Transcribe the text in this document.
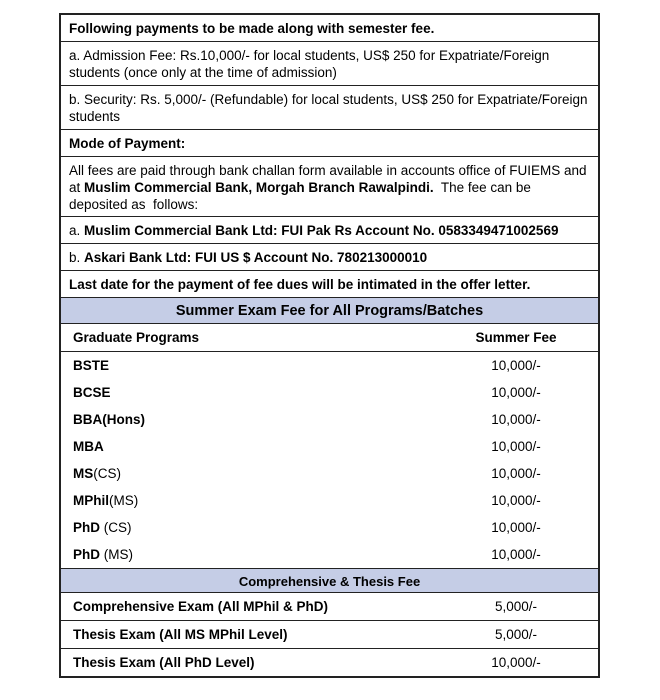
Following payments to be made along with semester fee.
a. Admission Fee: Rs.10,000/- for local students, US$ 250 for Expatriate/Foreign students (once only at the time of admission)
b. Security: Rs. 5,000/- (Refundable) for local students, US$ 250 for Expatriate/Foreign students
Mode of Payment:
All fees are paid through bank challan form available in accounts office of FUIEMS and at Muslim Commercial Bank, Morgah Branch Rawalpindi.  The fee can be deposited as  follows:
a. Muslim Commercial Bank Ltd: FUI Pak Rs Account No. 0583349471002569
b. Askari Bank Ltd: FUI US $ Account No. 780213000010
Last date for the payment of fee dues will be intimated in the offer letter.
Summer Exam Fee for All Programs/Batches
Graduate Programs	Summer Fee
BSTE	10,000/-
BCSE	10,000/-
BBA(Hons)	10,000/-
MBA	10,000/-
MS(CS)	10,000/-
MPhil(MS)	10,000/-
PhD (CS)	10,000/-
PhD (MS)	10,000/-
Comprehensive & Thesis Fee
Comprehensive Exam (All MPhil & PhD)	5,000/-
Thesis Exam (All MS MPhil Level)	5,000/-
Thesis Exam (All PhD Level)	10,000/-
